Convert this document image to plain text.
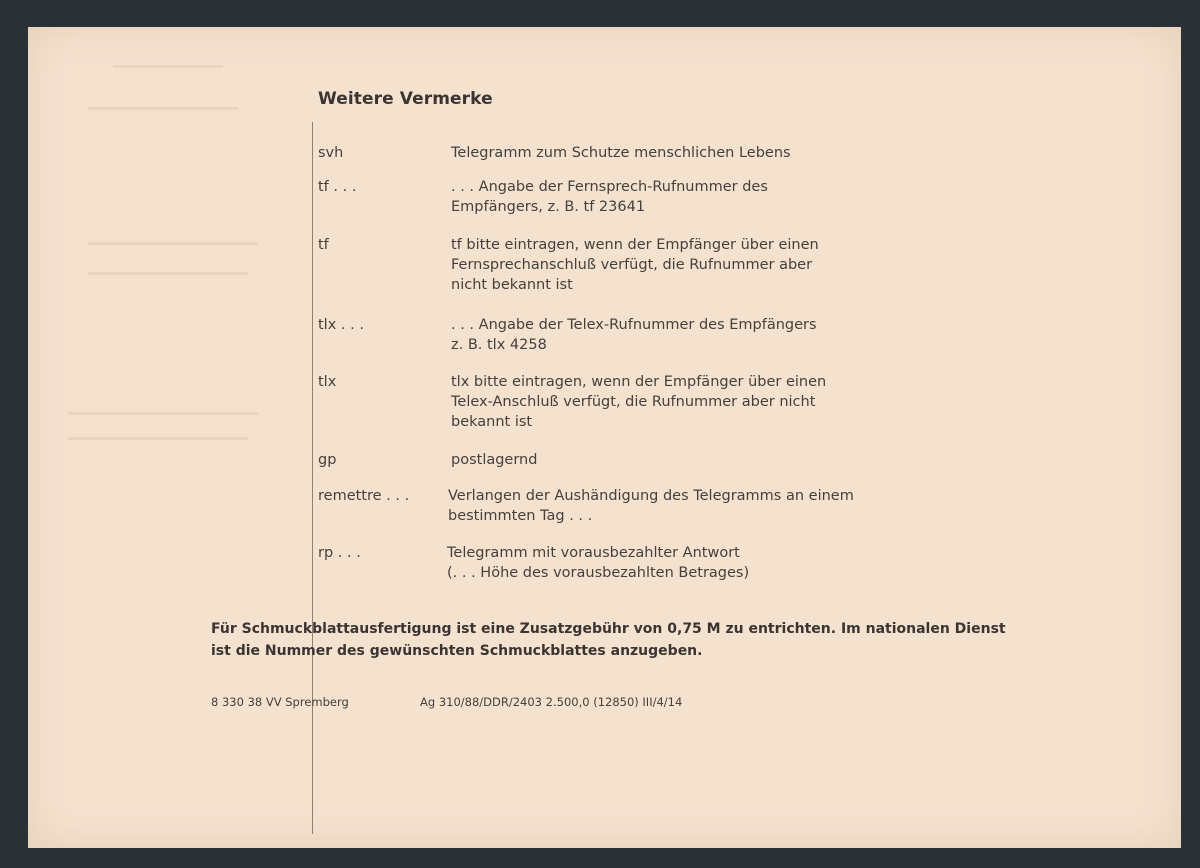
Weitere Vermerke
svh	Telegramm zum Schutze menschlichen Lebens
tf . . .	. . . Angabe der Fernsprech-Rufnummer des
Empfängers, z. B. tf 23641
tf	tf bitte eintragen, wenn der Empfänger über einen
Fernsprechanschluß verfügt, die Rufnummer aber
nicht bekannt ist
tlx . . .	. . . Angabe der Telex-Rufnummer des Empfängers
z. B. tlx 4258
tlx	tlx bitte eintragen, wenn der Empfänger über einen
Telex-Anschluß verfügt, die Rufnummer aber nicht
bekannt ist
gp	postlagernd
remettre . . .	Verlangen der Aushändigung des Telegramms an einem
bestimmten Tag . . .
rp . . .	Telegramm mit vorausbezahlter Antwort
(. . . Höhe des vorausbezahlten Betrages)
Für Schmuckblattausfertigung ist eine Zusatzgebühr von 0,75 M zu entrichten. Im nationalen Dienst
ist die Nummer des gewünschten Schmuckblattes anzugeben.
8 330 38 VV Spremberg	Ag 310/88/DDR/2403 2.500,0 (12850) III/4/14
